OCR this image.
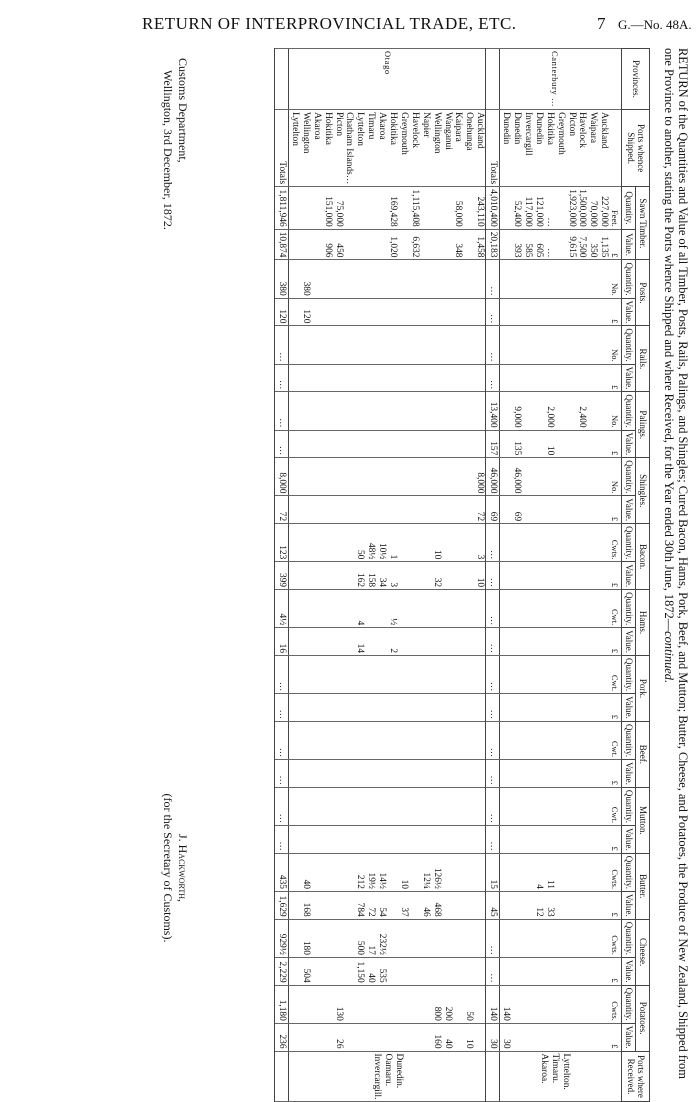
RETURN OF INTERPROVINCIAL TRADE, ETC.	7 G.—No. 48A.
RETURN of the Quantities and Value of all Timber, Posts, Rails, Palings, and Shingles; Cured Bacon, Hams, Pork, Beef, and Mutton; Butter, Cheese, and Potatoes, the Produce of New Zealand, Shipped from one Province to another, stating the Ports whence Shipped and where Received, for the Year ended 30th June, 1872—continued.
Provinces.	Ports whence Shipped.	Sawn Timber.		Posts.		Rails.		Palings.		Shingles.		Bacon.		Hams.		Pork.		Beef.		Mutton.		Butter.		Cheese.		Potatoes.		Ports where Received.
		Quantity.	Value.	Quantity.	Value.	Quantity.	Value.	Quantity.	Value.	Quantity.	Value.	Quantity.	Value.	Quantity.	Value.	Quantity.	Value.	Quantity.	Value.	Quantity.	Value.	Quantity.	Value.	Quantity.	Value.	Quantity.	Value.	
		Feet.	£	No.	£	No.	£	No.	£	No.	£	Cwts.	£	Cwt.	£	Cwt.	£	Cwt.	£	Cwt.	£	Cwts.	£	Cwts.	£	Cwts.	£	
Canterbury …	Auckland	227,000	1,135																									Lyttelton.
Timaru.
Akaroa.

	Waipara	70,000	350																									
	Havelock	1,500,000	7,500					2,400																				
	Picton	1,923,000	9,615																									
	Greymouth																											
	Hokitika	…	…					2,000	10													11	33					
	Dunedin	121,000	605																			4	12					
	Invercargill	117,000	585																									
	Dunedin	52,400	393					9,000	135	46,000	69																	
	Dunedin																									140	30	
	Totals	4,010,400	20,183	…	…	…	…	13,400	157	46,000	69	…	…	…	…	…	…	…	…	…	…	15	45	…	…	140	30	
Otago	Auckland	243,110	1,458							8,000	72	3	10															Dunedin.
Oamaru.
Invercargill.

	Onehunga																									50	10	
	Kaipara	58,000	348																									
	Wanganui																									200	40	
	Wellington											10	32									126½	468			800	160	
	Napier																					12¼	46					
	Havelock	1,115,408	6,632																									
	Greymouth																					10	37					
	Hokitika	169,428	1,020									1	3	½	2													
	Akaroa											10½	34									14½	54	232½	535			
	Timaru											48½	158									19½	72	17	40			
	Lyttelton											50	162	4	14							212	784	500	1,150			
	Chatham Islands…																											
	Picton	75,000	450																							130	26	
	Hokitika	151,000	906																									
	Akaroa																											
	Wellington			380	120																	40	168	180	504			
	Lyttelton																											
	Totals	1,811,946	10,874	380	120	…	…	…	…	8,000	72	123	399	4½	16	…	…	…	…	…	…	435	1,629	929½	2,229	1,180	236	
Customs Department,
Wellington, 3rd December, 1872.
J. Hackworth,
(for the Secretary of Customs).
